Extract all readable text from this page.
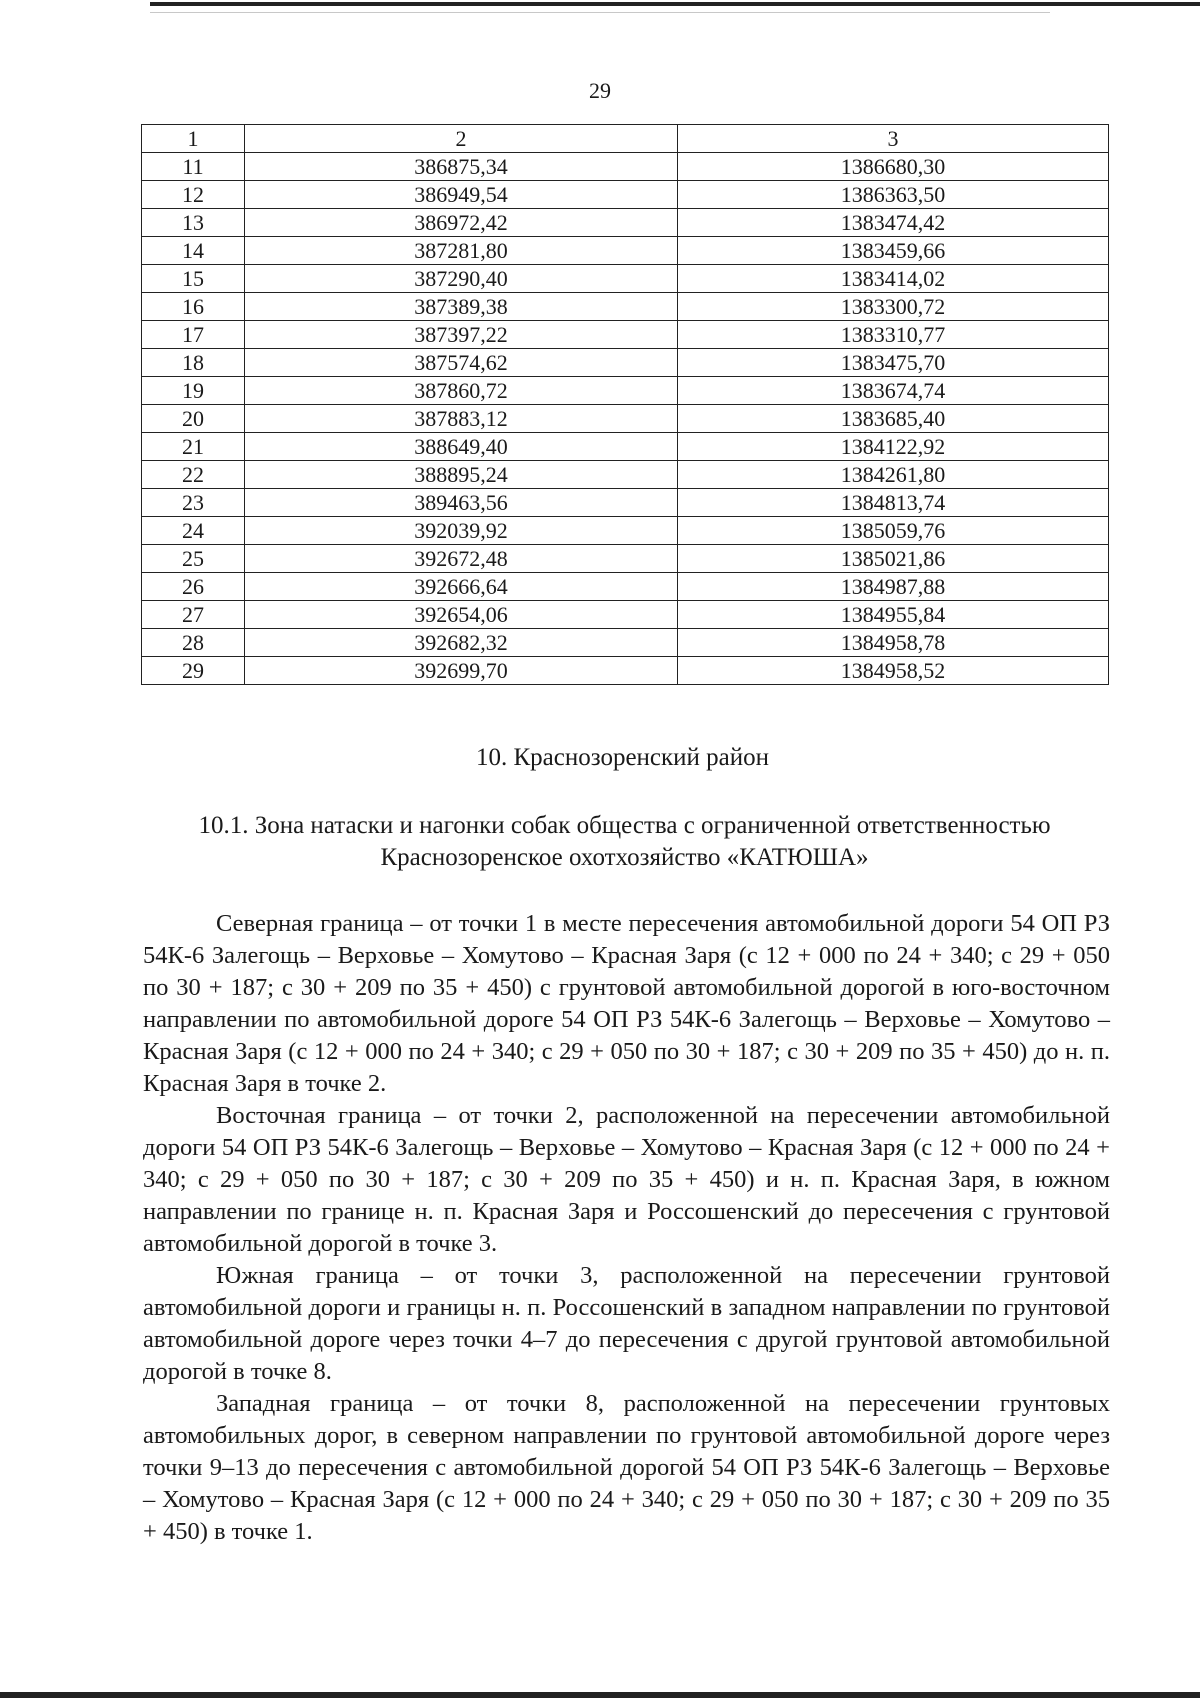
29
1	2	3
11	386875,34	1386680,30
12	386949,54	1386363,50
13	386972,42	1383474,42
14	387281,80	1383459,66
15	387290,40	1383414,02
16	387389,38	1383300,72
17	387397,22	1383310,77
18	387574,62	1383475,70
19	387860,72	1383674,74
20	387883,12	1383685,40
21	388649,40	1384122,92
22	388895,24	1384261,80
23	389463,56	1384813,74
24	392039,92	1385059,76
25	392672,48	1385021,86
26	392666,64	1384987,88
27	392654,06	1384955,84
28	392682,32	1384958,78
29	392699,70	1384958,52
10. Краснозоренский район
10.1. Зона натаски и нагонки собак общества с ограниченной ответственностью
Краснозоренское охотхозяйство «КАТЮША»

Северная граница – от точки 1 в месте пересечения автомобильной дороги 54 ОП РЗ 54К-6 Залегощь – Верховье – Хомутово – Красная Заря (с 12 + 000 по 24 + 340; с 29 + 050 по 30 + 187; с 30 + 209 по 35 + 450) с грунтовой автомобильной дорогой в юго-восточном направлении по автомобильной дороге 54 ОП РЗ 54К-6 Залегощь – Верховье – Хомутово – Красная Заря (с 12 + 000 по 24 + 340; с 29 + 050 по 30 + 187; с 30 + 209 по 35 + 450) до н. п. Красная Заря в точке 2.

Восточная граница – от точки 2, расположенной на пересечении автомобильной дороги 54 ОП РЗ 54К-6 Залегощь – Верховье – Хомутово – Красная Заря (с 12 + 000 по 24 + 340; с 29 + 050 по 30 + 187; с 30 + 209 по 35 + 450) и н. п. Красная Заря, в южном направлении по границе н. п. Красная Заря и Россошенский до пересечения с грунтовой автомобильной дорогой в точке 3.

Южная граница – от точки 3, расположенной на пересечении грунтовой автомобильной дороги и границы н. п. Россошенский в западном направлении по грунтовой автомобильной дороге через точки 4–7 до пересечения с другой грунтовой автомобильной дорогой в точке 8.

Западная граница – от точки 8, расположенной на пересечении грунтовых автомобильных дорог, в северном направлении по грунтовой автомобильной дороге через точки 9–13 до пересечения с автомобильной дорогой 54 ОП РЗ 54К-6 Залегощь – Верховье – Хомутово – Красная Заря (с 12 + 000 по 24 + 340; с 29 + 050 по 30 + 187; с 30 + 209 по 35 + 450) в точке 1.
